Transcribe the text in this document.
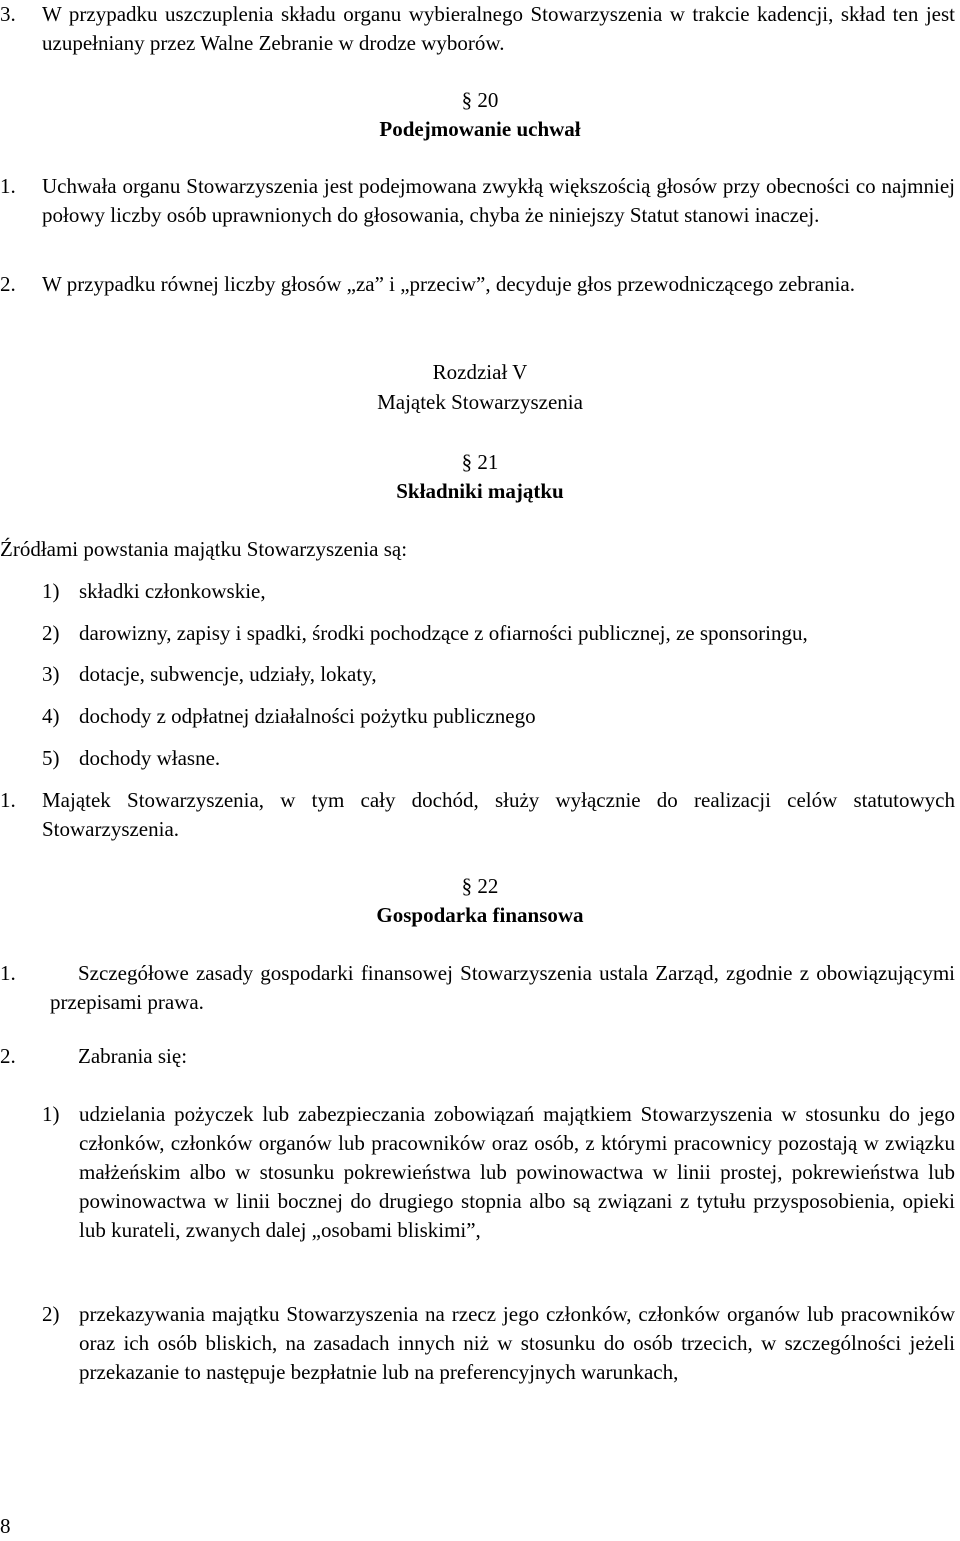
3. W przypadku uszczuplenia składu organu wybieralnego Stowarzyszenia w trakcie kadencji, skład ten jest uzupełniany przez Walne Zebranie w drodze wyborów.
§ 20
Podejmowanie uchwał
1. Uchwała organu Stowarzyszenia jest podejmowana zwykłą większością głosów przy obecności co najmniej połowy liczby osób uprawnionych do głosowania, chyba że niniejszy Statut stanowi inaczej.
2. W przypadku równej liczby głosów „za” i „przeciw”, decyduje głos przewodniczącego zebrania.
Rozdział V
Majątek Stowarzyszenia
§ 21
Składniki majątku
Źródłami powstania majątku Stowarzyszenia są:
1) składki członkowskie,
2) darowizny, zapisy i spadki, środki pochodzące z ofiarności publicznej, ze sponsoringu,
3) dotacje, subwencje, udziały, lokaty,
4) dochody z odpłatnej działalności pożytku publicznego
5) dochody własne.
1. Majątek Stowarzyszenia, w tym cały dochód, służy wyłącznie do realizacji celów statutowych Stowarzyszenia.
§ 22
Gospodarka finansowa
1.	Szczegółowe zasady gospodarki finansowej Stowarzyszenia ustala Zarząd, zgodnie z obowiązującymi przepisami prawa.
2.	Zabrania się:
1) udzielania pożyczek lub zabezpieczania zobowiązań majątkiem Stowarzyszenia w stosunku do jego członków, członków organów lub pracowników oraz osób, z którymi pracownicy pozostają w związku małżeńskim albo w stosunku pokrewieństwa lub powinowactwa w linii prostej, pokrewieństwa lub powinowactwa w linii bocznej do drugiego stopnia albo są związani z tytułu przysposobienia, opieki lub kurateli, zwanych dalej „osobami bliskimi”,
2) przekazywania majątku Stowarzyszenia na rzecz jego członków, członków organów lub pracowników oraz ich osób bliskich, na zasadach innych niż w stosunku do osób trzecich, w szczególności jeżeli przekazanie to następuje bezpłatnie lub na preferencyjnych warunkach,
8
